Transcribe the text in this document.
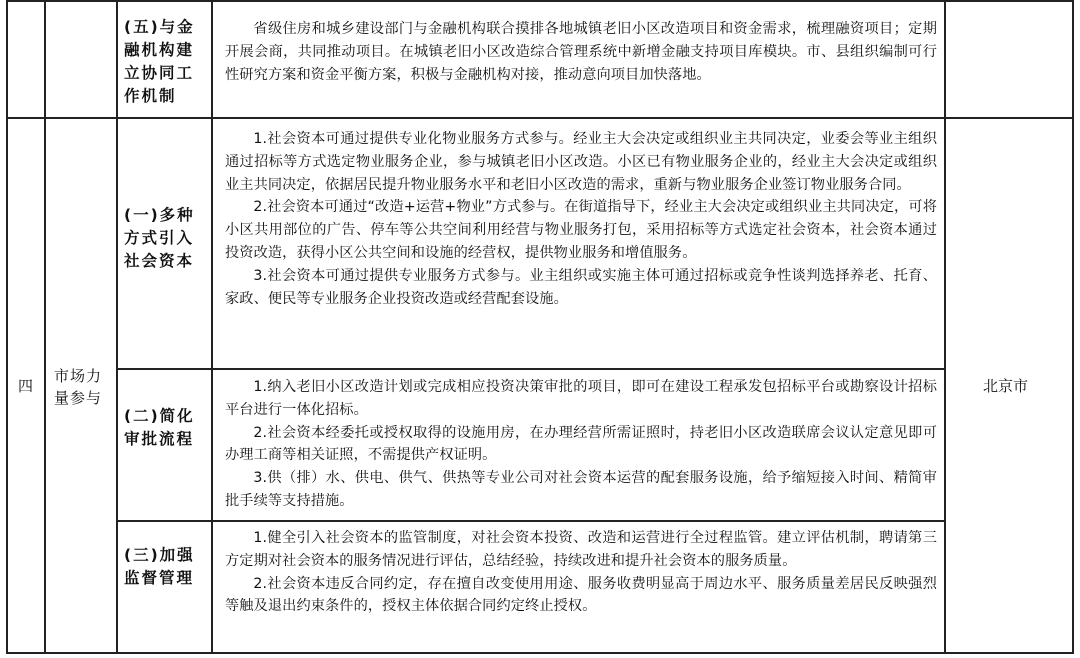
四
市场力量参与
北京市
(五)与金融机构建立协同工作机制

省级住房和城乡建设部门与金融机构联合摸排各地城镇老旧小区改造项目和资金需求，梳理融资项目；定期开展会商，共同推动项目。在城镇老旧小区改造综合管理系统中新增金融支持项目库模块。市、县组织编制可行性研究方案和资金平衡方案，积极与金融机构对接，推动意向项目加快落地。

(一)多种方式引入社会资本

1.社会资本可通过提供专业化物业服务方式参与。经业主大会决定或组织业主共同决定，业委会等业主组织通过招标等方式选定物业服务企业，参与城镇老旧小区改造。小区已有物业服务企业的，经业主大会决定或组织业主共同决定，依据居民提升物业服务水平和老旧小区改造的需求，重新与物业服务企业签订物业服务合同。

2.社会资本可通过“改造+运营+物业”方式参与。在街道指导下，经业主大会决定或组织业主共同决定，可将小区共用部位的广告、停车等公共空间利用经营与物业服务打包，采用招标等方式选定社会资本，社会资本通过投资改造，获得小区公共空间和设施的经营权，提供物业服务和增值服务。

3.社会资本可通过提供专业服务方式参与。业主组织或实施主体可通过招标或竞争性谈判选择养老、托育、家政、便民等专业服务企业投资改造或经营配套设施。

(二)简化审批流程

1.纳入老旧小区改造计划或完成相应投资决策审批的项目，即可在建设工程承发包招标平台或勘察设计招标平台进行一体化招标。

2.社会资本经委托或授权取得的设施用房，在办理经营所需证照时，持老旧小区改造联席会议认定意见即可办理工商等相关证照，不需提供产权证明。

3.供（排）水、供电、供气、供热等专业公司对社会资本运营的配套服务设施，给予缩短接入时间、精简审批手续等支持措施。

(三)加强监督管理

1.健全引入社会资本的监管制度，对社会资本投资、改造和运营进行全过程监管。建立评估机制，聘请第三方定期对社会资本的服务情况进行评估，总结经验，持续改进和提升社会资本的服务质量。

2.社会资本违反合同约定，存在擅自改变使用用途、服务收费明显高于周边水平、服务质量差居民反映强烈等触及退出约束条件的，授权主体依据合同约定终止授权。
